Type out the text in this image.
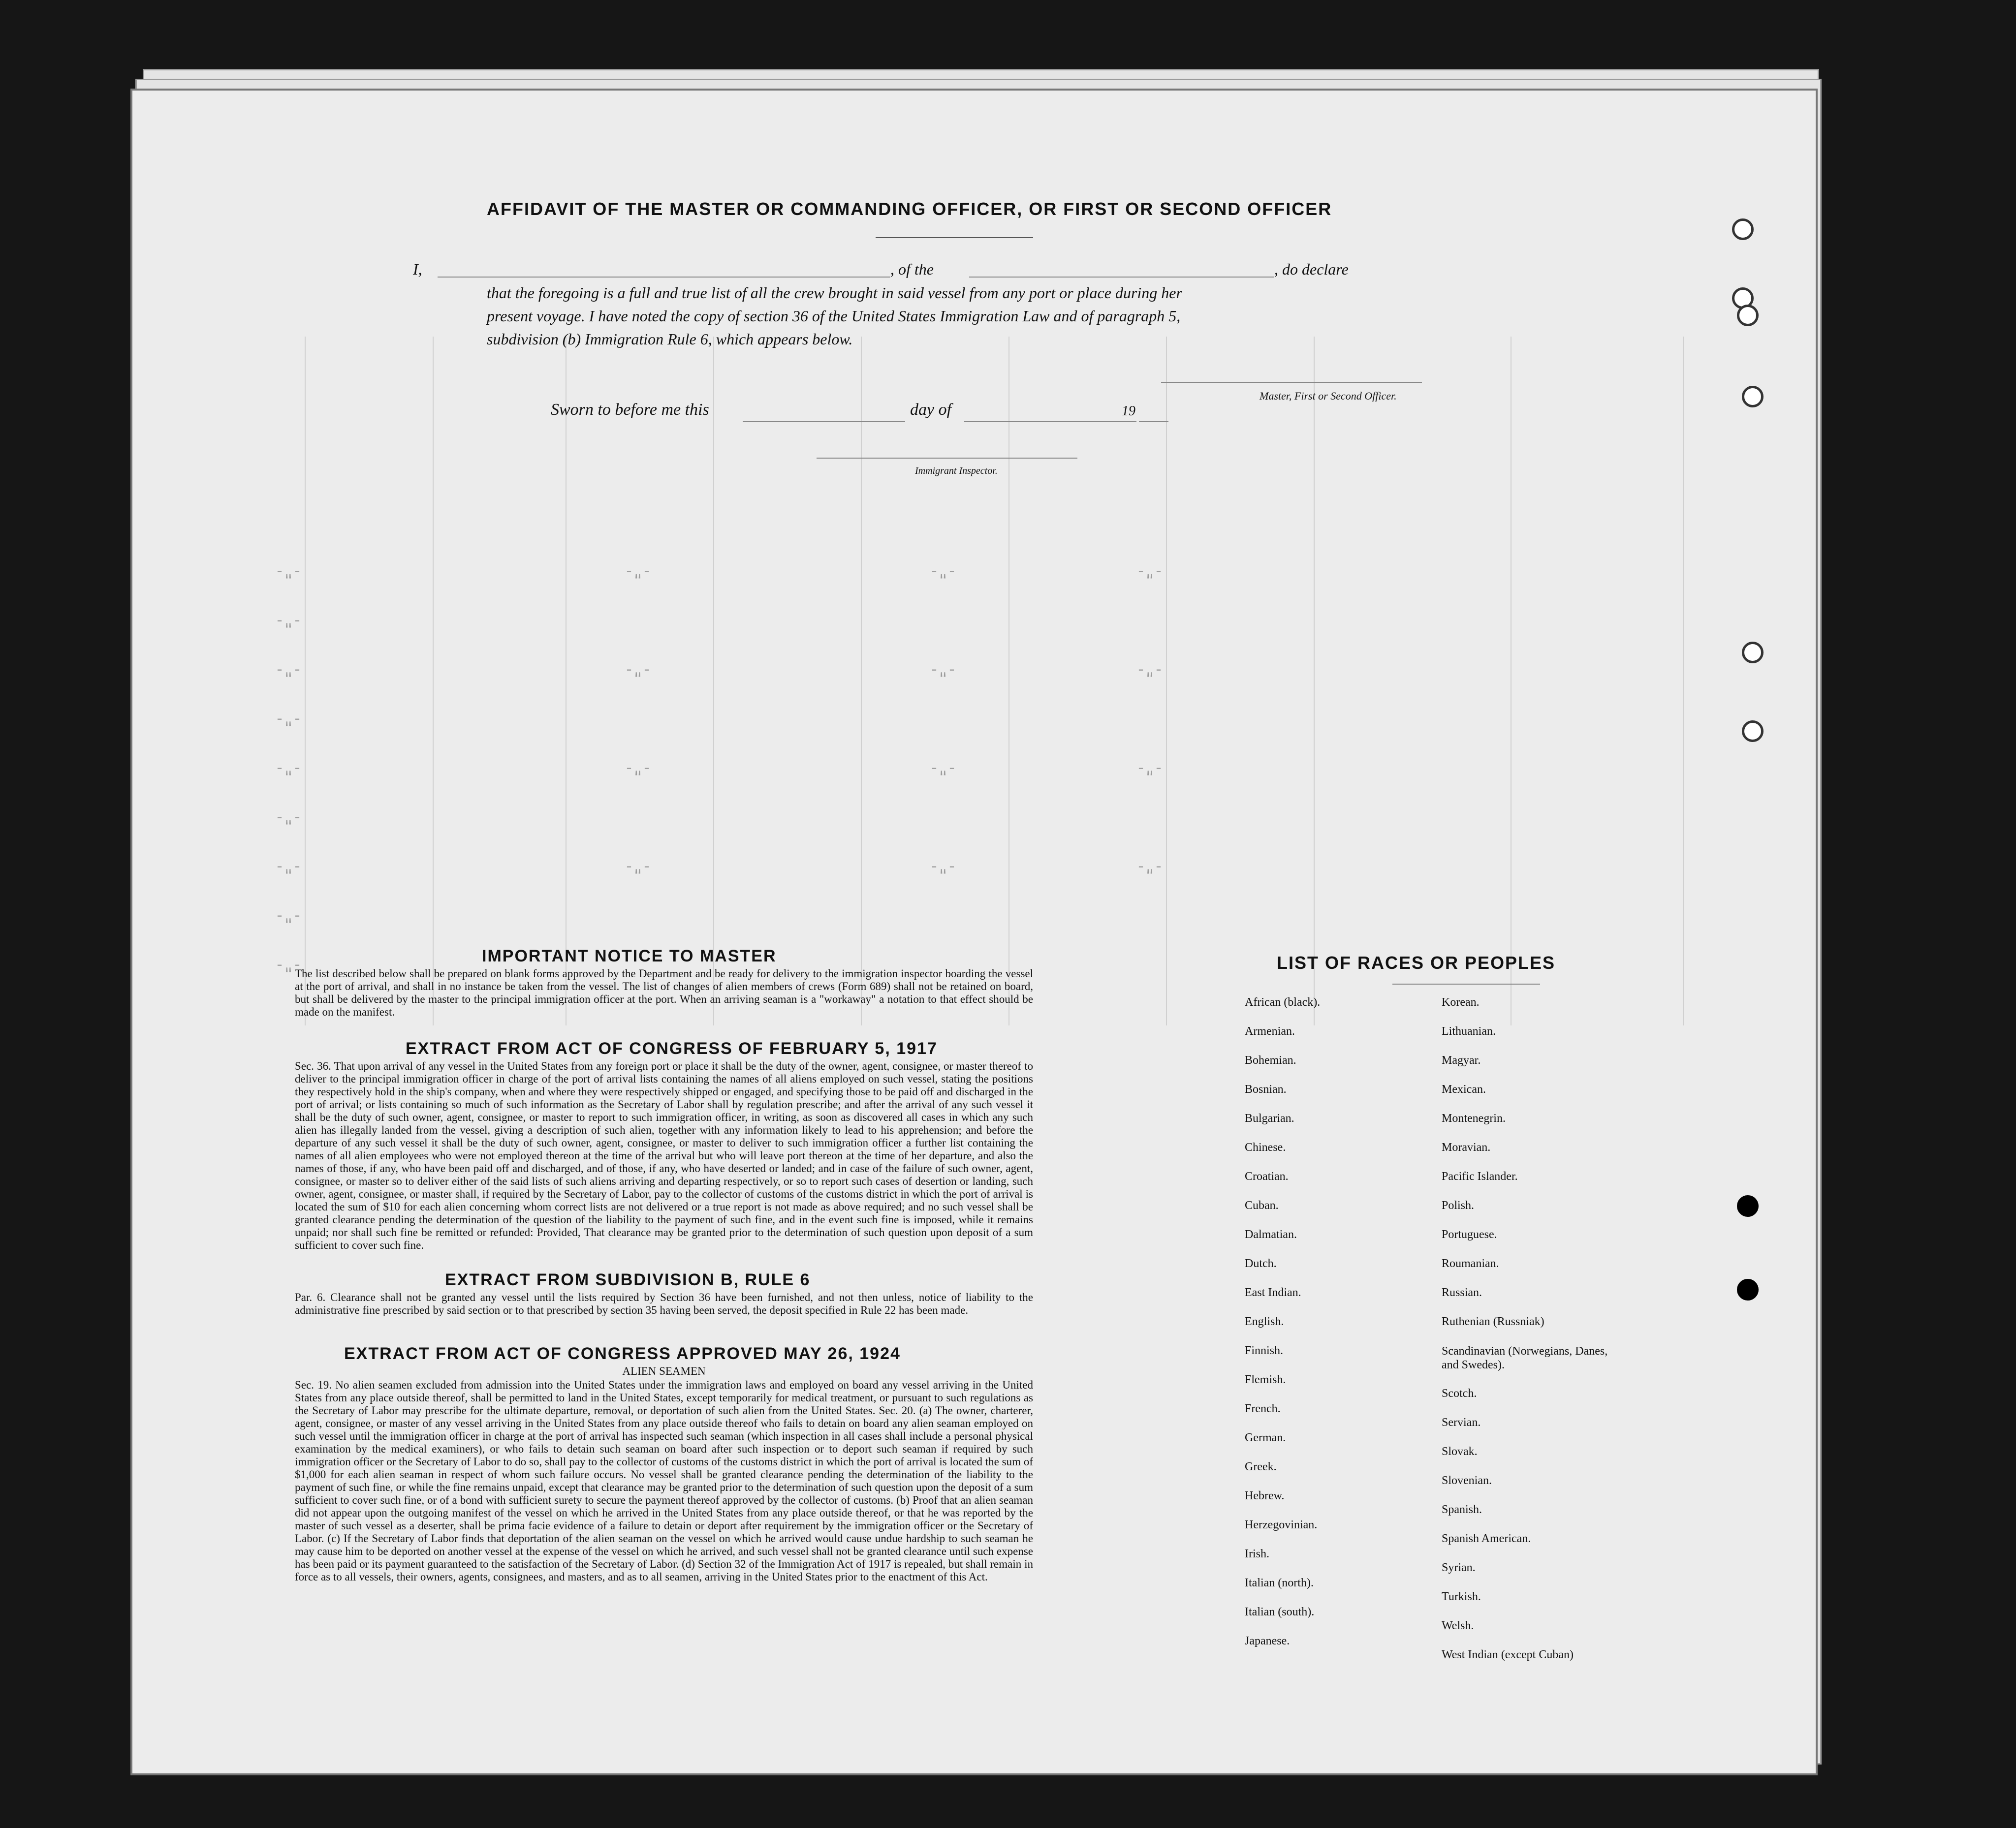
AFFIDAVIT OF THE MASTER OR COMMANDING OFFICER, OR FIRST OR SECOND OFFICER
I,	, of the	, do declare
that the foregoing is a full and true list of all the crew brought in said vessel from any port or place during her
present voyage. I have noted the copy of section 36 of the United States Immigration Law and of paragraph 5,
subdivision (b) Immigration Rule 6, which appears below.
Master, First or Second Officer.
Sworn to before me this	day of	19
Immigrant Inspector.
-"-
-"-
-"-
-"-
-"-
-"-
-"-
-"-
-"-
-"-
-"-
-"-
-"-
-"-
-"-
-"-
-"-
-"-
-"-
-"-
-"-
IMPORTANT NOTICE TO MASTER
The list described below shall be prepared on blank forms approved by the Department and be ready for delivery to the immigration inspector boarding the vessel at the port of arrival, and shall in no instance be taken from the vessel. The list of changes of alien members of crews (Form 689) shall not be retained on board, but shall be delivered by the master to the principal immigration officer at the port. When an arriving seaman is a "workaway" a notation to that effect should be made on the manifest.
EXTRACT FROM ACT OF CONGRESS OF FEBRUARY 5, 1917
Sec. 36. That upon arrival of any vessel in the United States from any foreign port or place it shall be the duty of the owner, agent, consignee, or master thereof to deliver to the principal immigration officer in charge of the port of arrival lists containing the names of all aliens employed on such vessel, stating the positions they respectively hold in the ship's company, when and where they were respectively shipped or engaged, and specifying those to be paid off and discharged in the port of arrival; or lists containing so much of such information as the Secretary of Labor shall by regulation prescribe; and after the arrival of any such vessel it shall be the duty of such owner, agent, consignee, or master to report to such immigration officer, in writing, as soon as discovered all cases in which any such alien has illegally landed from the vessel, giving a description of such alien, together with any information likely to lead to his apprehension; and before the departure of any such vessel it shall be the duty of such owner, agent, consignee, or master to deliver to such immigration officer a further list containing the names of all alien employees who were not employed thereon at the time of the arrival but who will leave port thereon at the time of her departure, and also the names of those, if any, who have been paid off and discharged, and of those, if any, who have deserted or landed; and in case of the failure of such owner, agent, consignee, or master so to deliver either of the said lists of such aliens arriving and departing respectively, or so to report such cases of desertion or landing, such owner, agent, consignee, or master shall, if required by the Secretary of Labor, pay to the collector of customs of the customs district in which the port of arrival is located the sum of $10 for each alien concerning whom correct lists are not delivered or a true report is not made as above required; and no such vessel shall be granted clearance pending the determination of the question of the liability to the payment of such fine, and in the event such fine is imposed, while it remains unpaid; nor shall such fine be remitted or refunded: Provided, That clearance may be granted prior to the determination of such question upon deposit of a sum sufficient to cover such fine.
EXTRACT FROM SUBDIVISION B, RULE 6
Par. 6. Clearance shall not be granted any vessel until the lists required by Section 36 have been furnished, and not then unless, notice of liability to the administrative fine prescribed by said section or to that prescribed by section 35 having been served, the deposit specified in Rule 22 has been made.
EXTRACT FROM ACT OF CONGRESS APPROVED MAY 26, 1924
ALIEN SEAMEN
Sec. 19. No alien seamen excluded from admission into the United States under the immigration laws and employed on board any vessel arriving in the United States from any place outside thereof, shall be permitted to land in the United States, except temporarily for medical treatment, or pursuant to such regulations as the Secretary of Labor may prescribe for the ultimate departure, removal, or deportation of such alien from the United States. Sec. 20. (a) The owner, charterer, agent, consignee, or master of any vessel arriving in the United States from any place outside thereof who fails to detain on board any alien seaman employed on such vessel until the immigration officer in charge at the port of arrival has inspected such seaman (which inspection in all cases shall include a personal physical examination by the medical examiners), or who fails to detain such seaman on board after such inspection or to deport such seaman if required by such immigration officer or the Secretary of Labor to do so, shall pay to the collector of customs of the customs district in which the port of arrival is located the sum of $1,000 for each alien seaman in respect of whom such failure occurs. No vessel shall be granted clearance pending the determination of the liability to the payment of such fine, or while the fine remains unpaid, except that clearance may be granted prior to the determination of such question upon the deposit of a sum sufficient to cover such fine, or of a bond with sufficient surety to secure the payment thereof approved by the collector of customs. (b) Proof that an alien seaman did not appear upon the outgoing manifest of the vessel on which he arrived in the United States from any place outside thereof, or that he was reported by the master of such vessel as a deserter, shall be prima facie evidence of a failure to detain or deport after requirement by the immigration officer or the Secretary of Labor. (c) If the Secretary of Labor finds that deportation of the alien seaman on the vessel on which he arrived would cause undue hardship to such seaman he may cause him to be deported on another vessel at the expense of the vessel on which he arrived, and such vessel shall not be granted clearance until such expense has been paid or its payment guaranteed to the satisfaction of the Secretary of Labor. (d) Section 32 of the Immigration Act of 1917 is repealed, but shall remain in force as to all vessels, their owners, agents, consignees, and masters, and as to all seamen, arriving in the United States prior to the enactment of this Act.
LIST OF RACES OR PEOPLES
African (black).
Armenian.
Bohemian.
Bosnian.
Bulgarian.
Chinese.
Croatian.
Cuban.
Dalmatian.
Dutch.
East Indian.
English.
Finnish.
Flemish.
French.
German.
Greek.
Hebrew.
Herzegovinian.
Irish.
Italian (north).
Italian (south).
Japanese.
Korean.
Lithuanian.
Magyar.
Mexican.
Montenegrin.
Moravian.
Pacific Islander.
Polish.
Portuguese.
Roumanian.
Russian.
Ruthenian (Russniak)
Scandinavian (Norwegians, Danes, and Swedes).
Scotch.
Servian.
Slovak.
Slovenian.
Spanish.
Spanish American.
Syrian.
Turkish.
Welsh.
West Indian (except Cuban)
